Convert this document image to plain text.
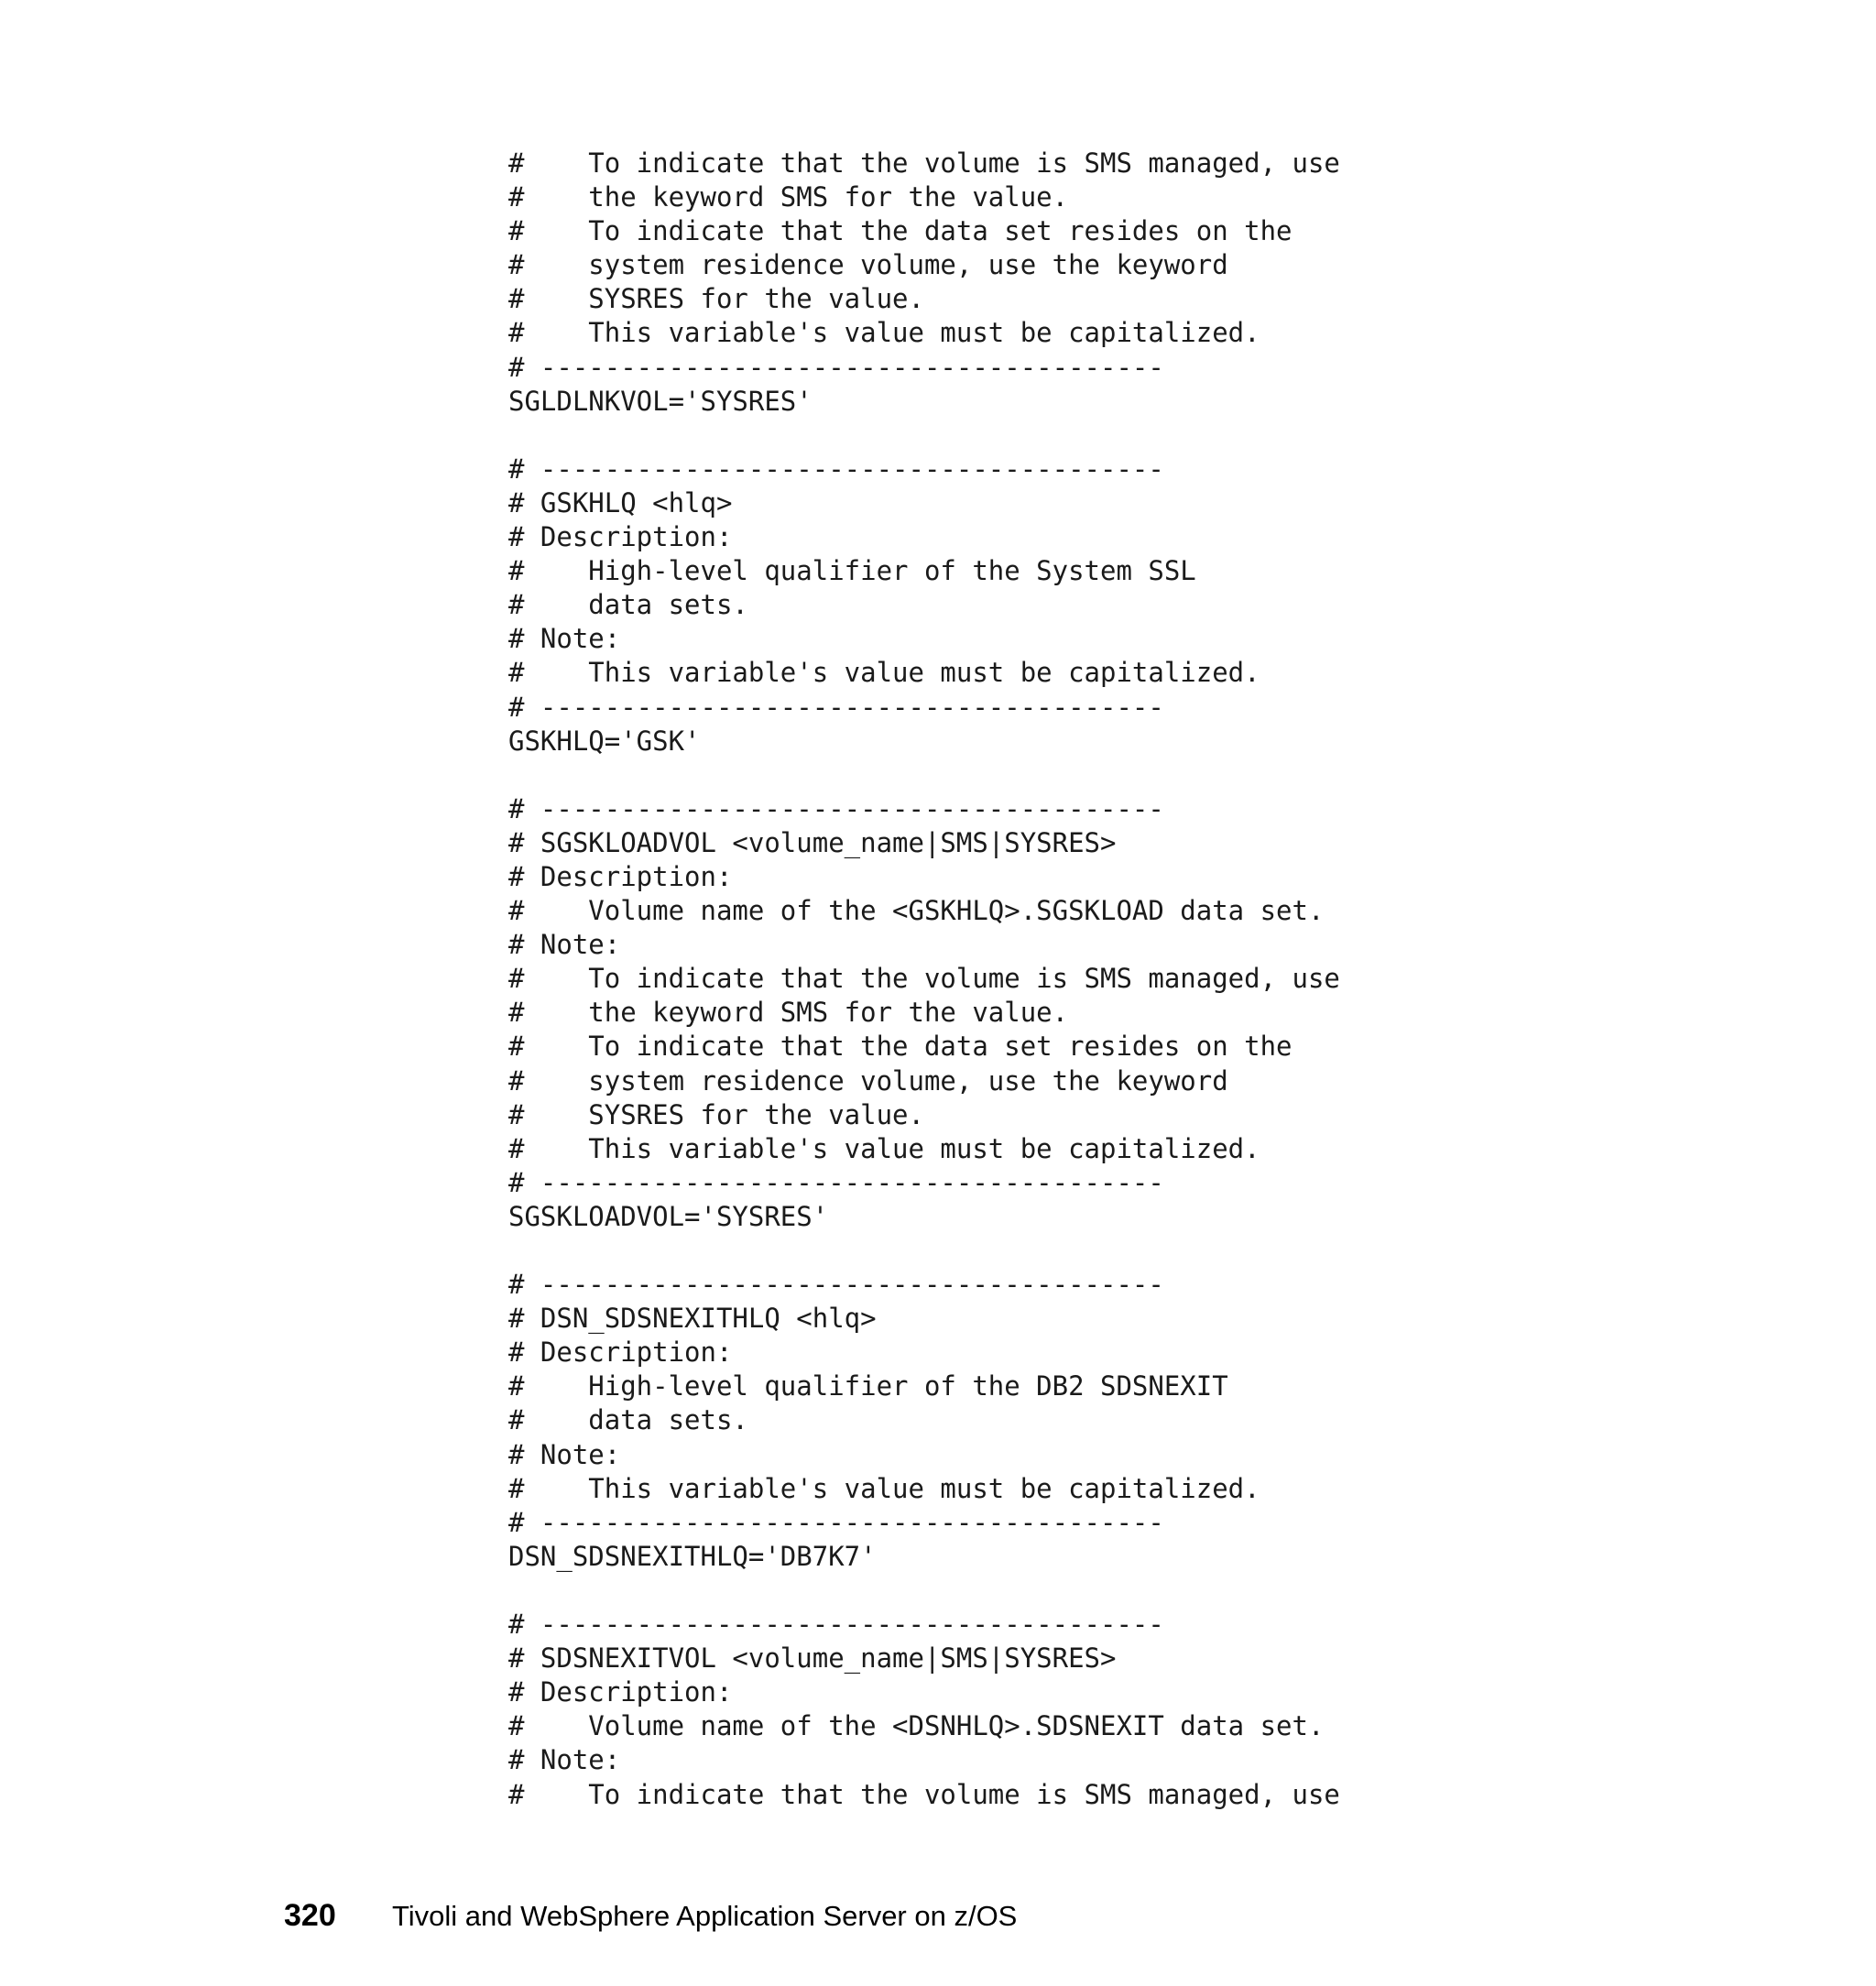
#    To indicate that the volume is SMS managed, use
#    the keyword SMS for the value.
#    To indicate that the data set resides on the
#    system residence volume, use the keyword
#    SYSRES for the value.
#    This variable's value must be capitalized.
# ---------------------------------------
SGLDLNKVOL='SYSRES'
# ---------------------------------------
# GSKHLQ <hlq>
# Description:
#    High-level qualifier of the System SSL
#    data sets.
# Note:
#    This variable's value must be capitalized.
# ---------------------------------------
GSKHLQ='GSK'
# ---------------------------------------
# SGSKLOADVOL <volume_name|SMS|SYSRES>
# Description:
#    Volume name of the <GSKHLQ>.SGSKLOAD data set.
# Note:
#    To indicate that the volume is SMS managed, use
#    the keyword SMS for the value.
#    To indicate that the data set resides on the
#    system residence volume, use the keyword
#    SYSRES for the value.
#    This variable's value must be capitalized.
# ---------------------------------------
SGSKLOADVOL='SYSRES'
# ---------------------------------------
# DSN_SDSNEXITHLQ <hlq>
# Description:
#    High-level qualifier of the DB2 SDSNEXIT
#    data sets.
# Note:
#    This variable's value must be capitalized.
# ---------------------------------------
DSN_SDSNEXITHLQ='DB7K7'
# ---------------------------------------
# SDSNEXITVOL <volume_name|SMS|SYSRES>
# Description:
#    Volume name of the <DSNHLQ>.SDSNEXIT data set.
# Note:
#    To indicate that the volume is SMS managed, use
320	Tivoli and WebSphere Application Server on z/OS
